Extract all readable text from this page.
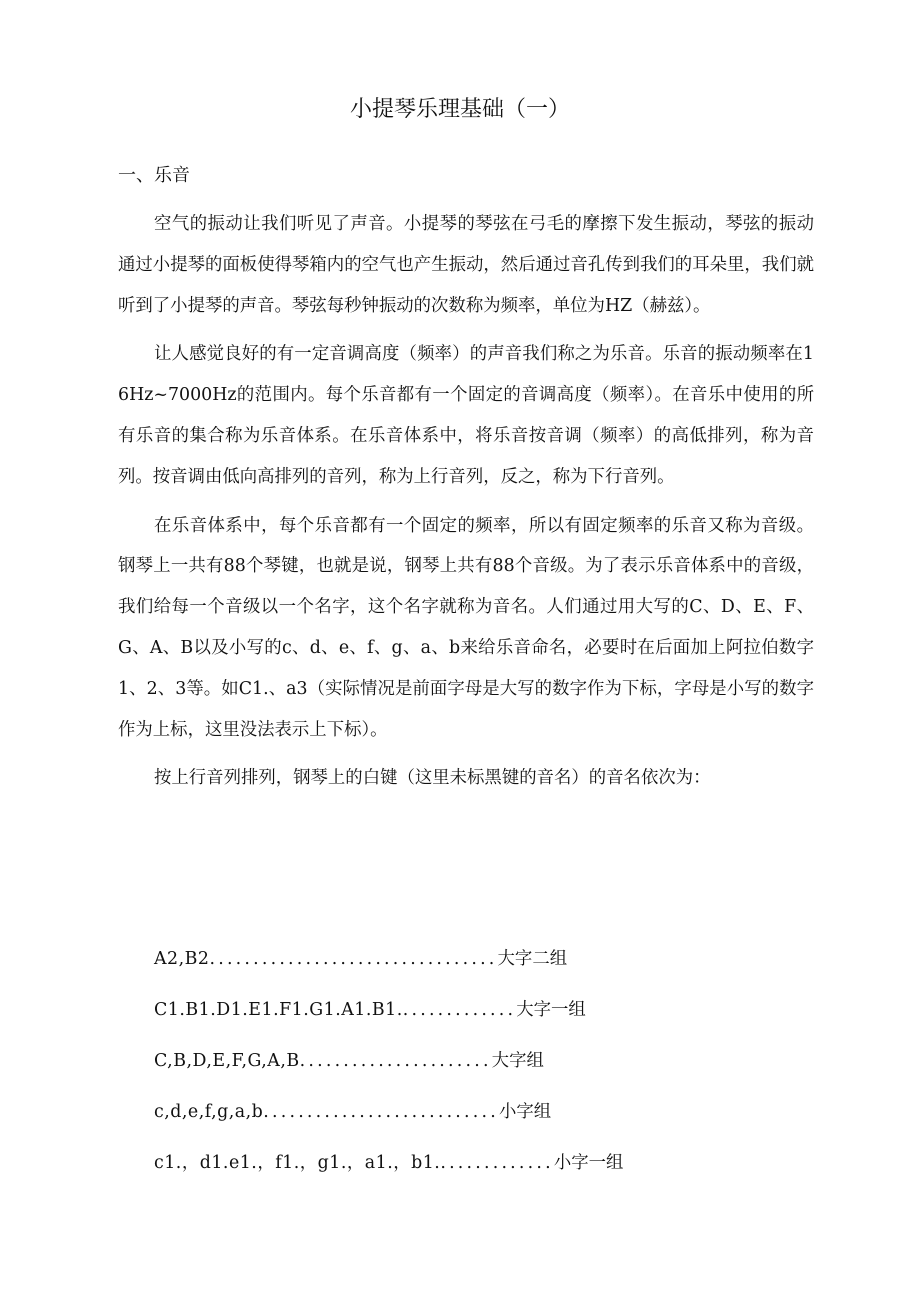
小提琴乐理基础（一）
一、乐音

空气的振动让我们听见了声音。小提琴的琴弦在弓毛的摩擦下发生振动，琴弦的振动通过小提琴的面板使得琴箱内的空气也产生振动，然后通过音孔传到我们的耳朵里，我们就听到了小提琴的声音。琴弦每秒钟振动的次数称为频率，单位为HZ（赫兹）。

让人感觉良好的有一定音调高度（频率）的声音我们称之为乐音。乐音的振动频率在16Hz~7000Hz的范围内。每个乐音都有一个固定的音调高度（频率）。在音乐中使用的所有乐音的集合称为乐音体系。在乐音体系中，将乐音按音调（频率）的高低排列，称为音列。按音调由低向高排列的音列，称为上行音列，反之，称为下行音列。

在乐音体系中，每个乐音都有一个固定的频率，所以有固定频率的乐音又称为音级。钢琴上一共有88个琴键，也就是说，钢琴上共有88个音级。为了表示乐音体系中的音级，我们给每一个音级以一个名字，这个名字就称为音名。人们通过用大写的C、D、E、F、G、A、B以及小写的c、d、e、f、g、a、b来给乐音命名，必要时在后面加上阿拉伯数字1、2、3等。如C1.、a3（实际情况是前面字母是大写的数字作为下标，字母是小写的数字作为上标，这里没法表示上下标）。

按上行音列排列，钢琴上的白键（这里未标黑键的音名）的音名依次为：

A2,B2 ................................. 大字二组
C1.B1.D1.E1.F1.G1.A1.B1. ............. 大字一组
C,B,D,E,F,G,A,B ...................... 大字组
c,d,e,f,g,a,b ........................... 小字组
c1.，d1.e1.，f1.，g1.，a1.，b1. ............. 小字一组
